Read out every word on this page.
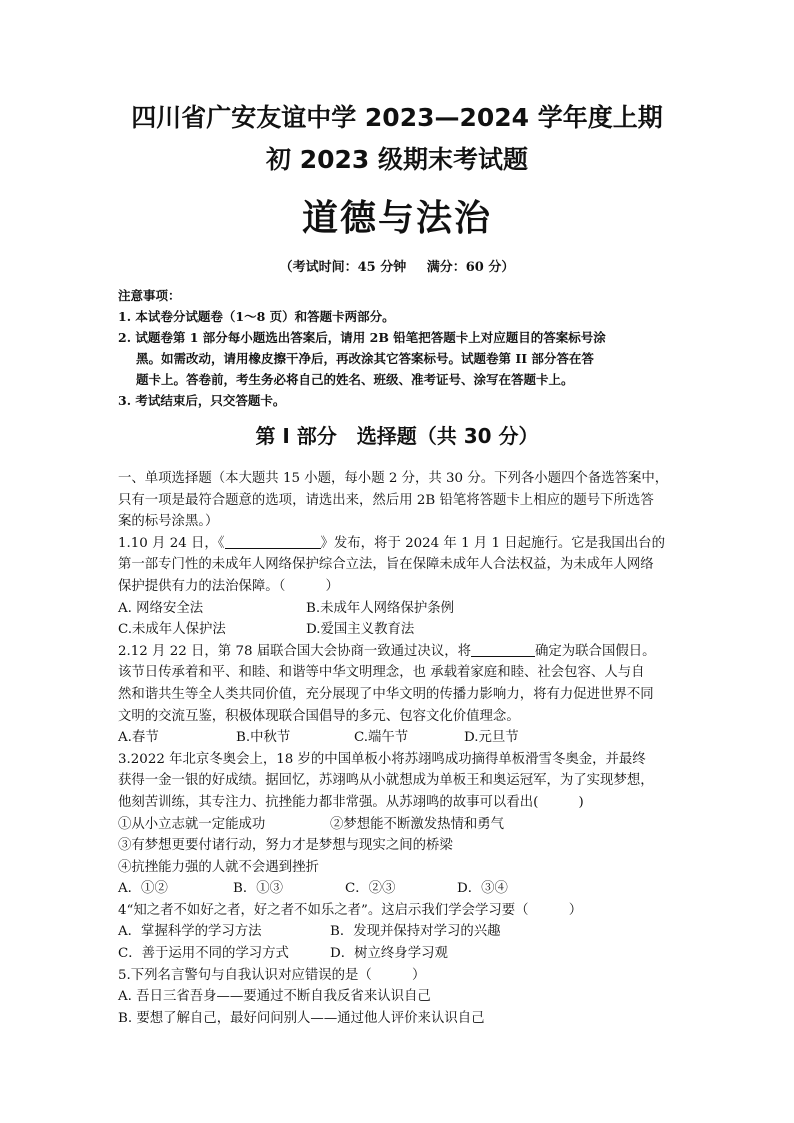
四川省广安友谊中学 2023—2024 学年度上期
初 2023 级期末考试题
道德与法治
（考试时间：45 分钟 满分：60 分）
注意事项：
1. 本试卷分试题卷（1～8 页）和答题卡两部分。
2. 试题卷第 1 部分每小题选出答案后，请用 2B 铅笔把答题卡上对应题目的答案标号涂
黑。如需改动，请用橡皮擦干净后，再改涂其它答案标号。试题卷第 II 部分答在答
题卡上。答卷前，考生务必将自己的姓名、班级、准考证号、涂写在答题卡上。
3. 考试结束后，只交答题卡。
第 I 部分　选择题（共 30 分）
一、单项选择题（本大题共 15 小题，每小题 2 分，共 30 分。下列各小题四个备选答案中，
只有一项是最符合题意的选项，请选出来，然后用 2B 铅笔将答题卡上相应的题号下所选答
案的标号涂黑。）
1.10 月 24 日，《	》发布，将于 2024 年 1 月 1 日起施行。它是我国出台的
第一部专门性的未成年人网络保护综合立法，旨在保障未成年人合法权益，为未成年人网络
保护提供有力的法治保障。（　　　）
A. 网络安全法	B.未成年人网络保护条例
C.未成年人保护法	D.爱国主义教育法
2.12 月 22 日，第 78 届联合国大会协商一致通过决议，将	确定为联合国假日。
该节日传承着和平、和睦、和谐等中华文明理念，也 承载着家庭和睦、社会包容、人与自
然和谐共生等全人类共同价值，充分展现了中华文明的传播力影响力，将有力促进世界不同
文明的交流互鉴，积极体现联合国倡导的多元、包容文化价值理念。
A.春节	B.中秋节	C.端午节	D.元旦节
3.2022 年北京冬奥会上，18 岁的中国单板小将苏翊鸣成功摘得单板滑雪冬奥金，并最终
获得一金一银的好成绩。据回忆，苏翊鸣从小就想成为单板王和奥运冠军，为了实现梦想，
他刻苦训练，其专注力、抗挫能力都非常强。从苏翊鸣的故事可以看出(　　　)
①从小立志就一定能成功	②梦想能不断激发热情和勇气
③有梦想更要付诸行动，努力才是梦想与现实之间的桥梁
④抗挫能力强的人就不会遇到挫折
A．①②	B．①③	C．②③	D．③④
4“知之者不如好之者，好之者不如乐之者”。这启示我们学会学习要（　　　）
A．掌握科学的学习方法	B．发现并保持对学习的兴趣
C．善于运用不同的学习方式	D．树立终身学习观
5.下列名言警句与自我认识对应错误的是（　　　）
A. 吾日三省吾身——要通过不断自我反省来认识自己
B. 要想了解自己，最好问问别人——通过他人评价来认识自己
